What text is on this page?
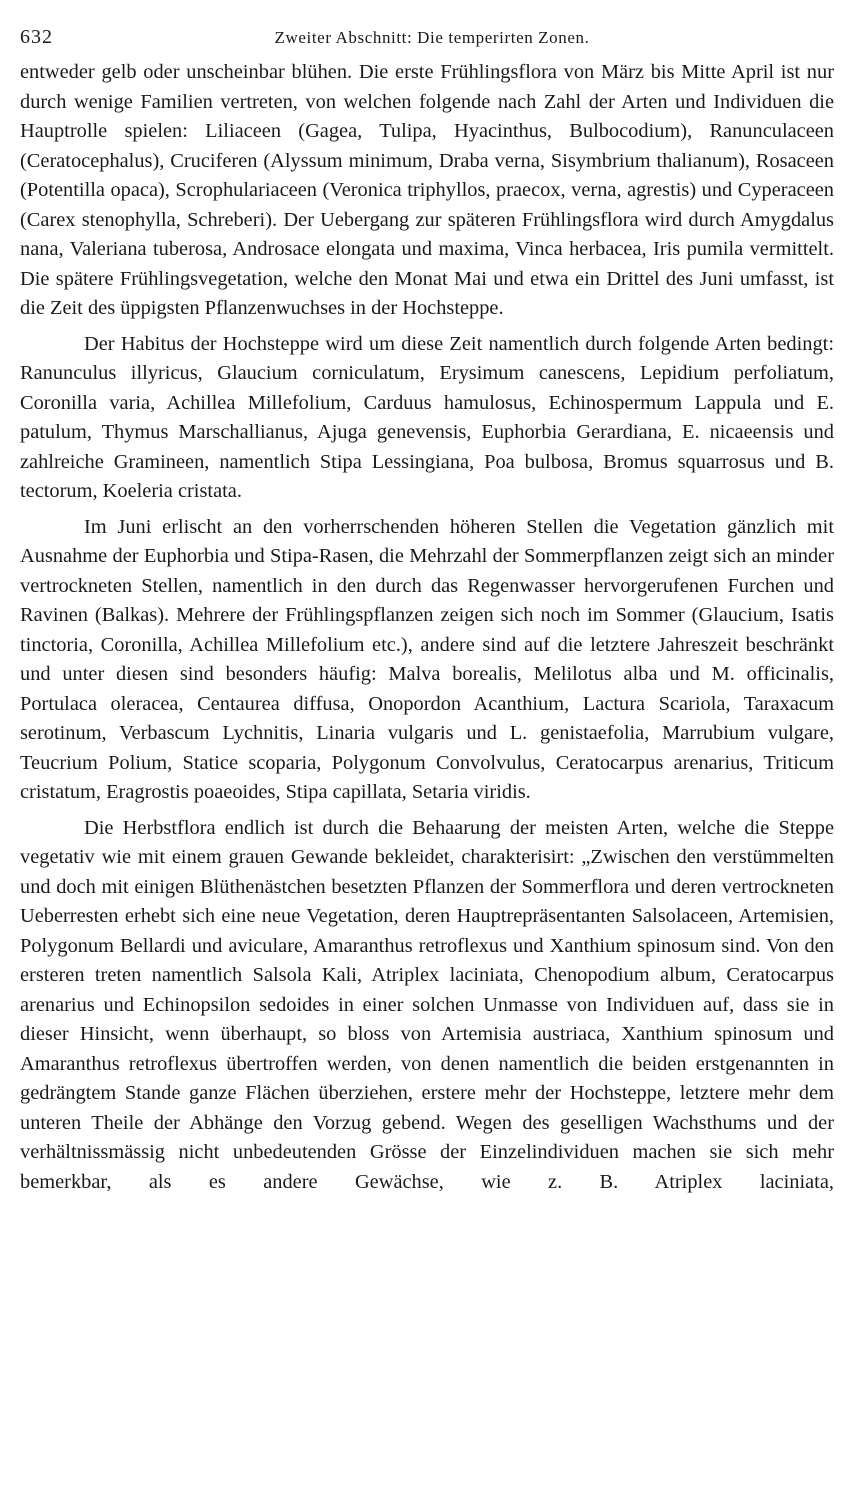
632	Zweiter Abschnitt: Die temperirten Zonen.

entweder gelb oder unscheinbar blühen. Die erste Frühlingsflora von März bis Mitte April ist nur durch wenige Familien vertreten, von welchen folgende nach Zahl der Arten und Individuen die Hauptrolle spielen: Liliaceen (Gagea, Tulipa, Hyacinthus, Bulbocodium), Ranunculaceen (Ceratocephalus), Cruciferen (Alyssum minimum, Draba verna, Sisymbrium thalianum), Rosaceen (Potentilla opaca), Scrophulariaceen (Veronica triphyllos, praecox, verna, agrestis) und Cyperaceen (Carex stenophylla, Schreberi). Der Uebergang zur späteren Frühlingsflora wird durch Amygdalus nana, Valeriana tuberosa, Androsace elongata und maxima, Vinca herbacea, Iris pumila vermittelt. Die spätere Frühlingsvegetation, welche den Monat Mai und etwa ein Drittel des Juni umfasst, ist die Zeit des üppigsten Pflanzenwuchses in der Hochsteppe.

Der Habitus der Hochsteppe wird um diese Zeit namentlich durch folgende Arten bedingt: Ranunculus illyricus, Glaucium corniculatum, Erysimum canescens, Lepidium perfoliatum, Coronilla varia, Achillea Millefolium, Carduus hamulosus, Echinospermum Lappula und E. patulum, Thymus Marschallianus, Ajuga genevensis, Euphorbia Gerardiana, E. nicaeensis und zahlreiche Gramineen, namentlich Stipa Lessingiana, Poa bulbosa, Bromus squarrosus und B. tectorum, Koeleria cristata.

Im Juni erlischt an den vorherrschenden höheren Stellen die Vegetation gänzlich mit Ausnahme der Euphorbia und Stipa-Rasen, die Mehrzahl der Sommerpflanzen zeigt sich an minder vertrockneten Stellen, namentlich in den durch das Regenwasser hervorgerufenen Furchen und Ravinen (Balkas). Mehrere der Frühlingspflanzen zeigen sich noch im Sommer (Glaucium, Isatis tinctoria, Coronilla, Achillea Millefolium etc.), andere sind auf die letztere Jahreszeit beschränkt und unter diesen sind besonders häufig: Malva borealis, Melilotus alba und M. officinalis, Portulaca oleracea, Centaurea diffusa, Onopordon Acanthium, Lactura Scariola, Taraxacum serotinum, Verbascum Lychnitis, Linaria vulgaris und L. genistaefolia, Marrubium vulgare, Teucrium Polium, Statice scoparia, Polygonum Convolvulus, Ceratocarpus arenarius, Triticum cristatum, Eragrostis poaeoides, Stipa capillata, Setaria viridis.

Die Herbstflora endlich ist durch die Behaarung der meisten Arten, welche die Steppe vegetativ wie mit einem grauen Gewande bekleidet, charakterisirt: „Zwischen den verstümmelten und doch mit einigen Blüthenästchen besetzten Pflanzen der Sommerflora und deren vertrockneten Ueberresten erhebt sich eine neue Vegetation, deren Hauptrepräsentanten Salsolaceen, Artemisien, Polygonum Bellardi und aviculare, Amaranthus retroflexus und Xanthium spinosum sind. Von den ersteren treten namentlich Salsola Kali, Atriplex laciniata, Chenopodium album, Ceratocarpus arenarius und Echinopsilon sedoides in einer solchen Unmasse von Individuen auf, dass sie in dieser Hinsicht, wenn überhaupt, so bloss von Artemisia austriaca, Xanthium spinosum und Amaranthus retroflexus übertroffen werden, von denen namentlich die beiden erstgenannten in gedrängtem Stande ganze Flächen überziehen, erstere mehr der Hochsteppe, letztere mehr dem unteren Theile der Abhänge den Vorzug gebend. Wegen des geselligen Wachsthums und der verhältnissmässig nicht unbedeutenden Grösse der Einzelindividuen machen sie sich mehr bemerkbar, als es andere Gewächse, wie z. B. Atriplex laciniata,
